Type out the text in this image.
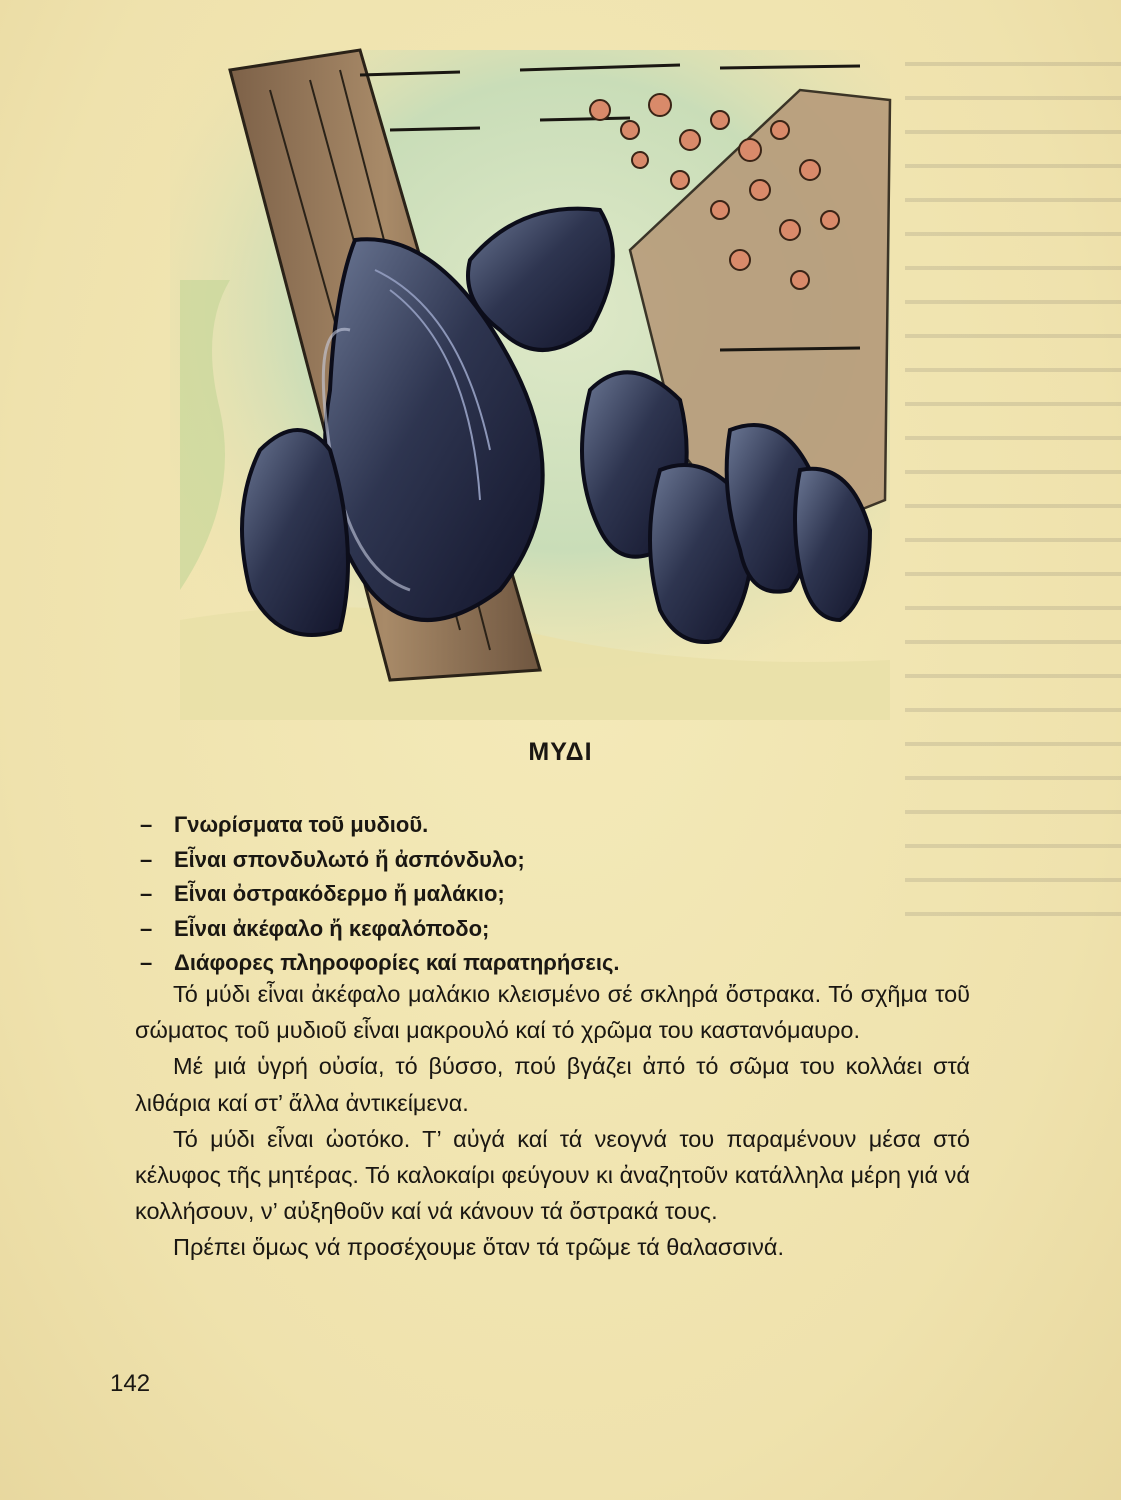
ΜΥΔΙ
– Γνωρίσματα τοῦ μυδιοῦ.
– Εἶναι σπονδυλωτό ἤ ἀσπόνδυλο;
– Εἶναι ὀστρακόδερμο ἤ μαλάκιο;
– Εἶναι ἀκέφαλο ἤ κεφαλόποδο;
– Διάφορες πληροφορίες καί παρατηρήσεις.

Τό μύδι εἶναι ἀκέφαλο μαλάκιο κλεισμένο σέ σκληρά ὄστρακα. Τό σχῆμα τοῦ σώματος τοῦ μυδιοῦ εἶναι μακρουλό καί τό χρῶμα του καστανόμαυρο.

Μέ μιά ὑγρή οὐσία, τό βύσσο, πού βγάζει ἀπό τό σῶμα του κολλάει στά λιθάρια καί στ’ ἄλλα ἀντικείμενα.

Τό μύδι εἶναι ὠοτόκο. Τ’ αὐγά καί τά νεογνά του παραμένουν μέσα στό κέλυφος τῆς μητέρας. Τό καλοκαίρι φεύγουν κι ἀναζητοῦν κατάλληλα μέρη γιά νά κολλήσουν, ν’ αὐξηθοῦν καί νά κάνουν τά ὄστρακά τους.

Πρέπει ὅμως νά προσέχουμε ὅταν τά τρῶμε τά θαλασσινά.

142
